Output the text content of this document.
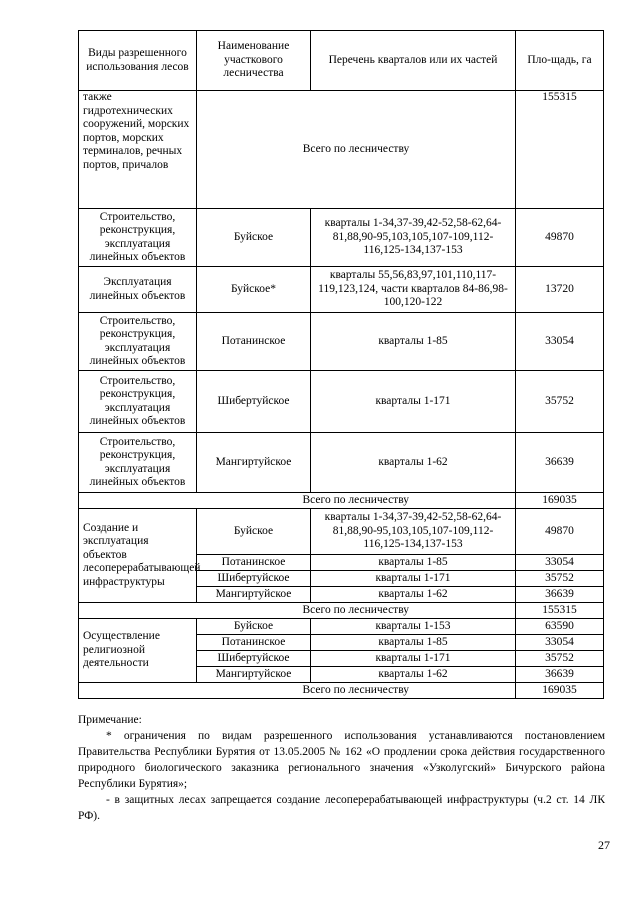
Виды разрешенного использования лесов	Наименование участкового лесничества	Перечень кварталов или их частей	Пло-щадь, га
также гидротехнических сооружений, морских портов, морских терминалов, речных портов, причалов	Всего по лесничеству		155315
Строительство, реконструкция, эксплуатация линейных объектов	Буйское	кварталы 1-34,37-39,42-52,58-62,64-81,88,90-95,103,105,107-109,112-116,125-134,137-153	49870
Эксплуатация линейных объектов	Буйское*	кварталы 55,56,83,97,101,110,117-119,123,124, части кварталов 84-86,98-100,120-122	13720
Строительство, реконструкция, эксплуатация линейных объектов	Потанинское	кварталы 1-85	33054
Строительство, реконструкция, эксплуатация линейных объектов	Шибертуйское	кварталы 1-171	35752
Строительство, реконструкция, эксплуатация линейных объектов	Мангиртуйское	кварталы 1-62	36639
	Всего по лесничеству		169035
Создание и эксплуатация объектов лесоперерабатывающей инфраструктуры	Буйское	кварталы 1-34,37-39,42-52,58-62,64-81,88,90-95,103,105,107-109,112-116,125-134,137-153	49870
	Потанинское	кварталы 1-85	33054
	Шибертуйское	кварталы 1-171	35752
	Мангиртуйское	кварталы 1-62	36639
	Всего по лесничеству		155315
Осуществление религиозной деятельности	Буйское	кварталы 1-153	63590
	Потанинское	кварталы 1-85	33054
	Шибертуйское	кварталы 1-171	35752
	Мангиртуйское	кварталы 1-62	36639
	Всего по лесничеству		169035

Примечание:

* ограничения по видам разрешенного использования устанавливаются постановлением Правительства Республики Бурятия от 13.05.2005 № 162 «О продлении срока действия государственного природного биологического заказника регионального значения «Узколугский» Бичурского района Республики Бурятия»;

- в защитных лесах запрещается создание лесоперерабатывающей инфраструктуры (ч.2 ст. 14 ЛК РФ).

27
